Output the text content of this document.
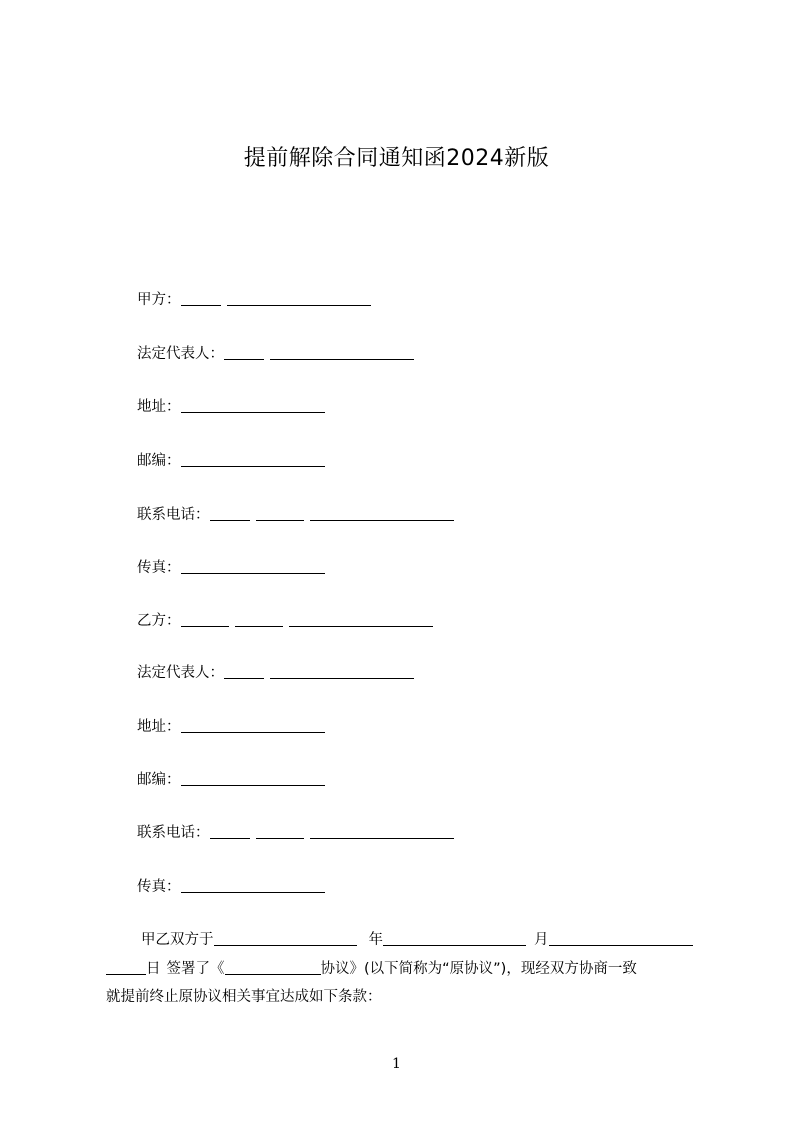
提前解除合同通知函2024新版
甲方：
法定代表人：
地址：
邮编：
联系电话：
传真：
乙方：
法定代表人：
地址：
邮编：
联系电话：
传真：
甲乙双方于	年	月
日 签署了《	协议》(以下简称为“原协议”)，现经双方协商一致
就提前终止原协议相关事宜达成如下条款：
1
